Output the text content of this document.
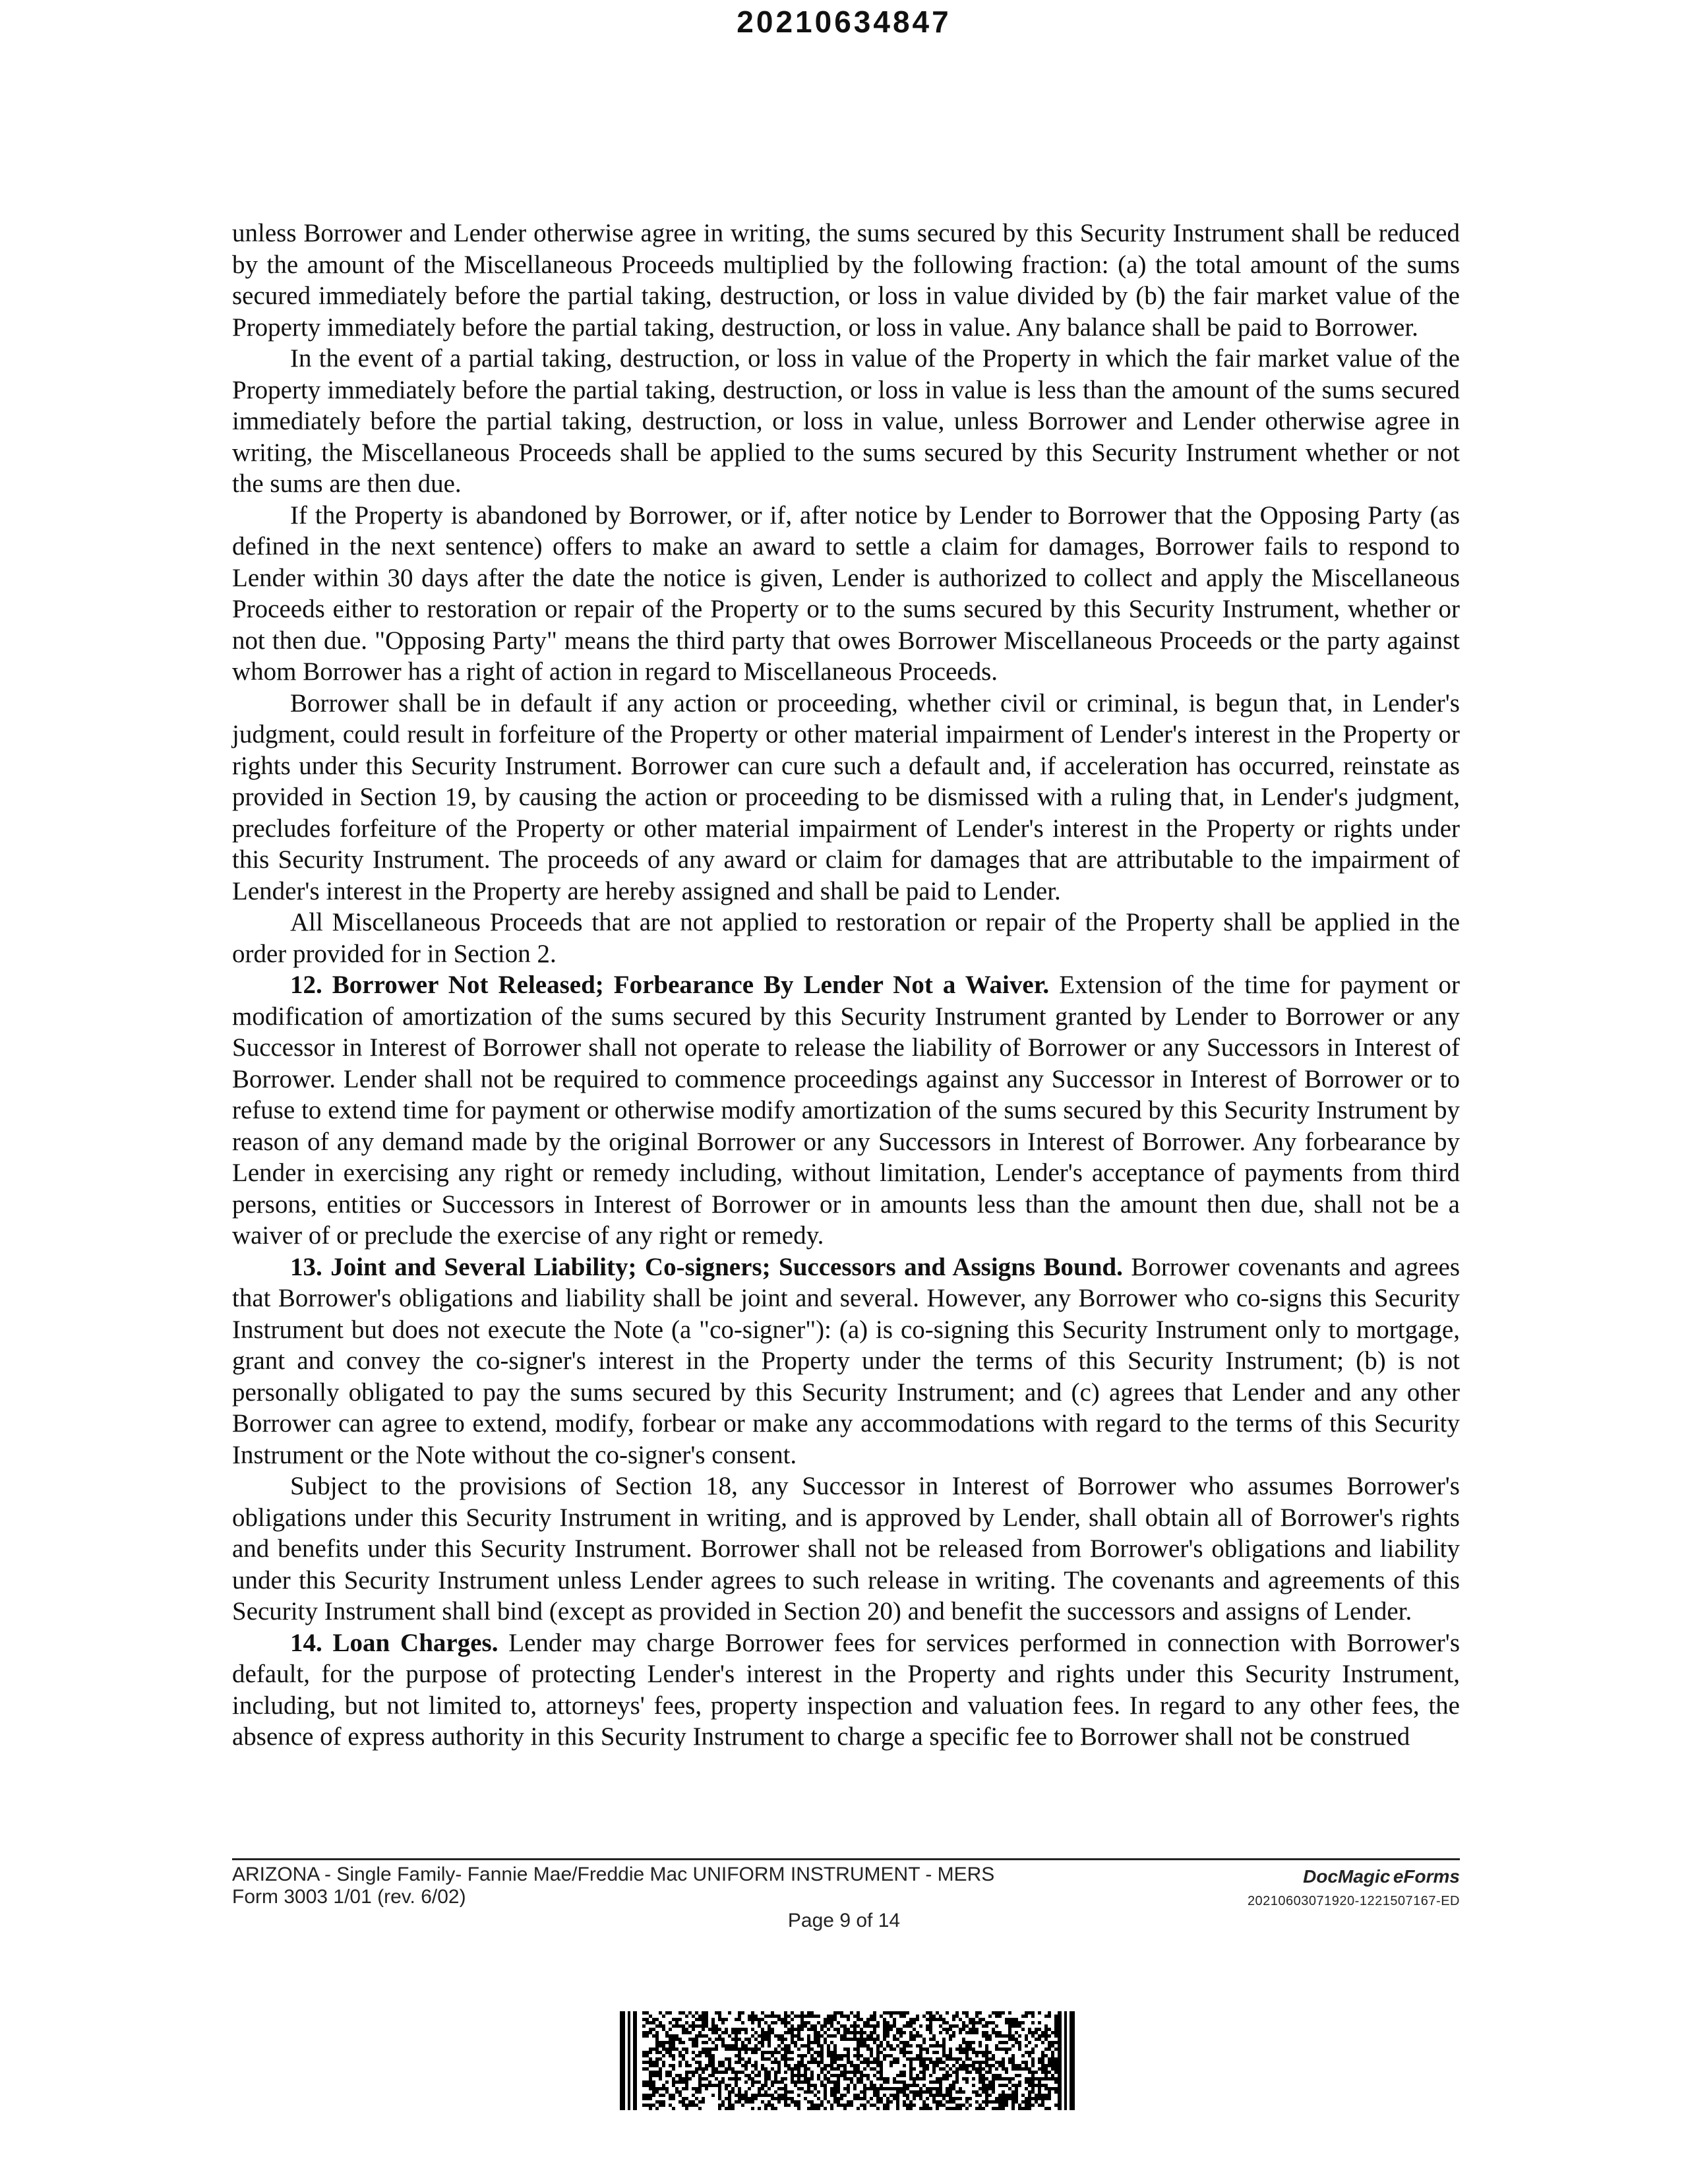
20210634847

unless Borrower and Lender otherwise agree in writing, the sums secured by this Security Instrument shall be reduced by the amount of the Miscellaneous Proceeds multiplied by the following fraction: (a) the total amount of the sums secured immediately before the partial taking, destruction, or loss in value divided by (b) the fair market value of the Property immediately before the partial taking, destruction, or loss in value. Any balance shall be paid to Borrower.

In the event of a partial taking, destruction, or loss in value of the Property in which the fair market value of the Property immediately before the partial taking, destruction, or loss in value is less than the amount of the sums secured immediately before the partial taking, destruction, or loss in value, unless Borrower and Lender otherwise agree in writing, the Miscellaneous Proceeds shall be applied to the sums secured by this Security Instrument whether or not the sums are then due.

If the Property is abandoned by Borrower, or if, after notice by Lender to Borrower that the Opposing Party (as defined in the next sentence) offers to make an award to settle a claim for damages, Borrower fails to respond to Lender within 30 days after the date the notice is given, Lender is authorized to collect and apply the Miscellaneous Proceeds either to restoration or repair of the Property or to the sums secured by this Security Instrument, whether or not then due. "Opposing Party" means the third party that owes Borrower Miscellaneous Proceeds or the party against whom Borrower has a right of action in regard to Miscellaneous Proceeds.

Borrower shall be in default if any action or proceeding, whether civil or criminal, is begun that, in Lender's judgment, could result in forfeiture of the Property or other material impairment of Lender's interest in the Property or rights under this Security Instrument. Borrower can cure such a default and, if acceleration has occurred, reinstate as provided in Section 19, by causing the action or proceeding to be dismissed with a ruling that, in Lender's judgment, precludes forfeiture of the Property or other material impairment of Lender's interest in the Property or rights under this Security Instrument. The proceeds of any award or claim for damages that are attributable to the impairment of Lender's interest in the Property are hereby assigned and shall be paid to Lender.

All Miscellaneous Proceeds that are not applied to restoration or repair of the Property shall be applied in the order provided for in Section 2.

12. Borrower Not Released; Forbearance By Lender Not a Waiver. Extension of the time for payment or modification of amortization of the sums secured by this Security Instrument granted by Lender to Borrower or any Successor in Interest of Borrower shall not operate to release the liability of Borrower or any Successors in Interest of Borrower. Lender shall not be required to commence proceedings against any Successor in Interest of Borrower or to refuse to extend time for payment or otherwise modify amortization of the sums secured by this Security Instrument by reason of any demand made by the original Borrower or any Successors in Interest of Borrower. Any forbearance by Lender in exercising any right or remedy including, without limitation, Lender's acceptance of payments from third persons, entities or Successors in Interest of Borrower or in amounts less than the amount then due, shall not be a waiver of or preclude the exercise of any right or remedy.

13. Joint and Several Liability; Co-signers; Successors and Assigns Bound. Borrower covenants and agrees that Borrower's obligations and liability shall be joint and several. However, any Borrower who co-signs this Security Instrument but does not execute the Note (a "co-signer"): (a) is co-signing this Security Instrument only to mortgage, grant and convey the co-signer's interest in the Property under the terms of this Security Instrument; (b) is not personally obligated to pay the sums secured by this Security Instrument; and (c) agrees that Lender and any other Borrower can agree to extend, modify, forbear or make any accommodations with regard to the terms of this Security Instrument or the Note without the co-signer's consent.

Subject to the provisions of Section 18, any Successor in Interest of Borrower who assumes Borrower's obligations under this Security Instrument in writing, and is approved by Lender, shall obtain all of Borrower's rights and benefits under this Security Instrument. Borrower shall not be released from Borrower's obligations and liability under this Security Instrument unless Lender agrees to such release in writing. The covenants and agreements of this Security Instrument shall bind (except as provided in Section 20) and benefit the successors and assigns of Lender.

14. Loan Charges. Lender may charge Borrower fees for services performed in connection with Borrower's default, for the purpose of protecting Lender's interest in the Property and rights under this Security Instrument, including, but not limited to, attorneys' fees, property inspection and valuation fees. In regard to any other fees, the absence of express authority in this Security Instrument to charge a specific fee to Borrower shall not be construed

ARIZONA - Single Family- Fannie Mae/Freddie Mac UNIFORM INSTRUMENT - MERS
Form 3003 1/01 (rev. 6/02)
DocMagic eForms
20210603071920-1221507167-ED
Page 9 of 14
